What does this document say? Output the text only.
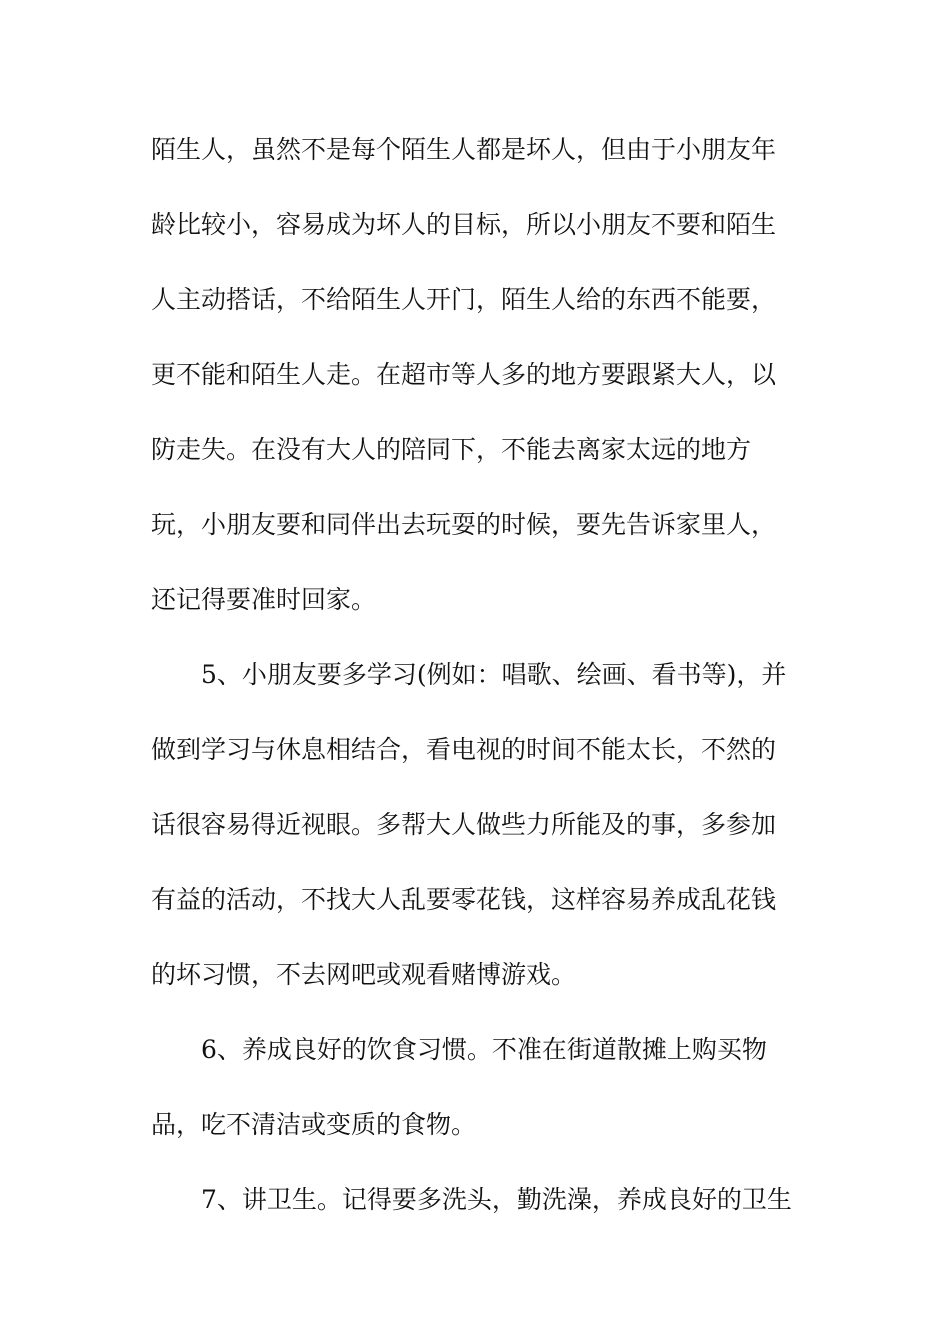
陌生人，虽然不是每个陌生人都是坏人，但由于小朋友年
龄比较小，容易成为坏人的目标，所以小朋友不要和陌生
人主动搭话，不给陌生人开门，陌生人给的东西不能要，
更不能和陌生人走。在超市等人多的地方要跟紧大人，以
防走失。在没有大人的陪同下，不能去离家太远的地方
玩，小朋友要和同伴出去玩耍的时候，要先告诉家里人，
还记得要准时回家。
5、小朋友要多学习(例如：唱歌、绘画、看书等)，并
做到学习与休息相结合，看电视的时间不能太长，不然的
话很容易得近视眼。多帮大人做些力所能及的事，多参加
有益的活动，不找大人乱要零花钱，这样容易养成乱花钱
的坏习惯，不去网吧或观看赌博游戏。
6、养成良好的饮食习惯。不准在街道散摊上购买物
品，吃不清洁或变质的食物。
7、讲卫生。记得要多洗头，勤洗澡，养成良好的卫生
